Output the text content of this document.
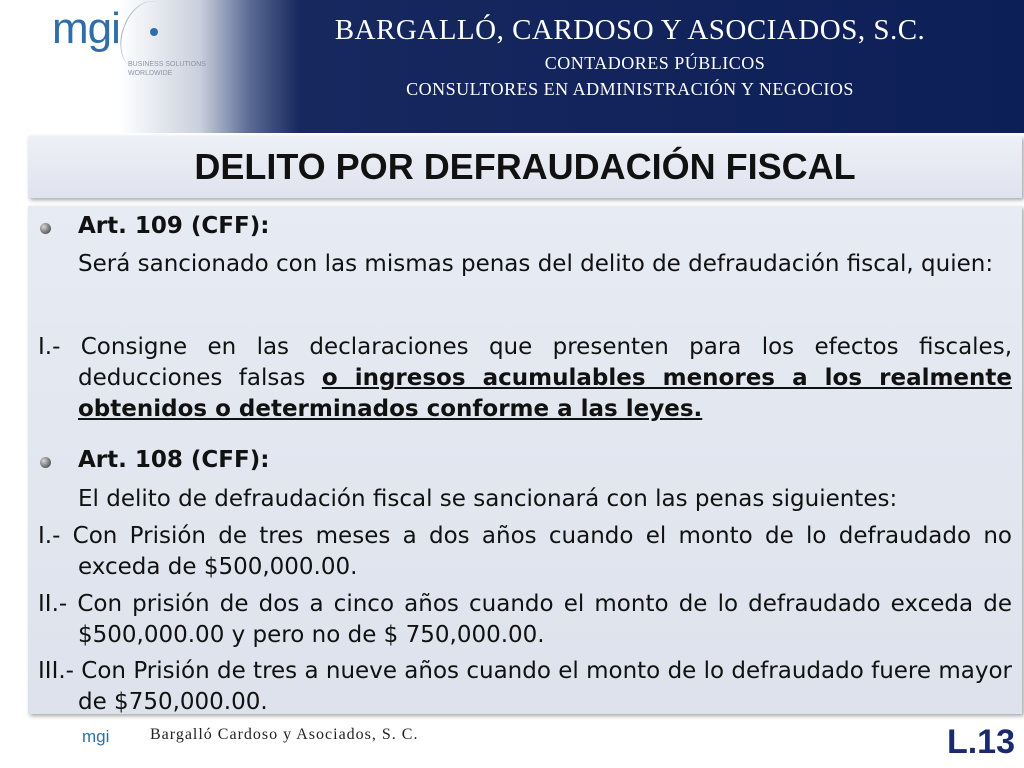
mgi
BUSINESS SOLUTIONS WORLDWIDE
BARGALLÓ, CARDOSO Y ASOCIADOS, S.C.
CONTADORES PÚBLICOS
CONSULTORES EN ADMINISTRACIÓN Y NEGOCIOS
DELITO POR DEFRAUDACIÓN FISCAL
Art. 109 (CFF):
Será sancionado con las mismas penas del delito de defraudación fiscal, quien:
I.- Consigne en las declaraciones que presenten para los efectos fiscales, deducciones falsas o ingresos acumulables menores a los realmente obtenidos o determinados conforme a las leyes.
Art. 108 (CFF):
El delito de defraudación fiscal se sancionará con las penas siguientes:
I.- Con Prisión de tres meses a dos años cuando el monto de lo defraudado no exceda de $500,000.00.
II.- Con prisión de dos a cinco años cuando el monto de lo defraudado exceda de $500,000.00 y pero no de $ 750,000.00.
III.- Con Prisión de tres a nueve años cuando el monto de lo defraudado fuere mayor de $750,000.00.
mgi	Bargalló Cardoso y Asociados, S. C.	L.13
